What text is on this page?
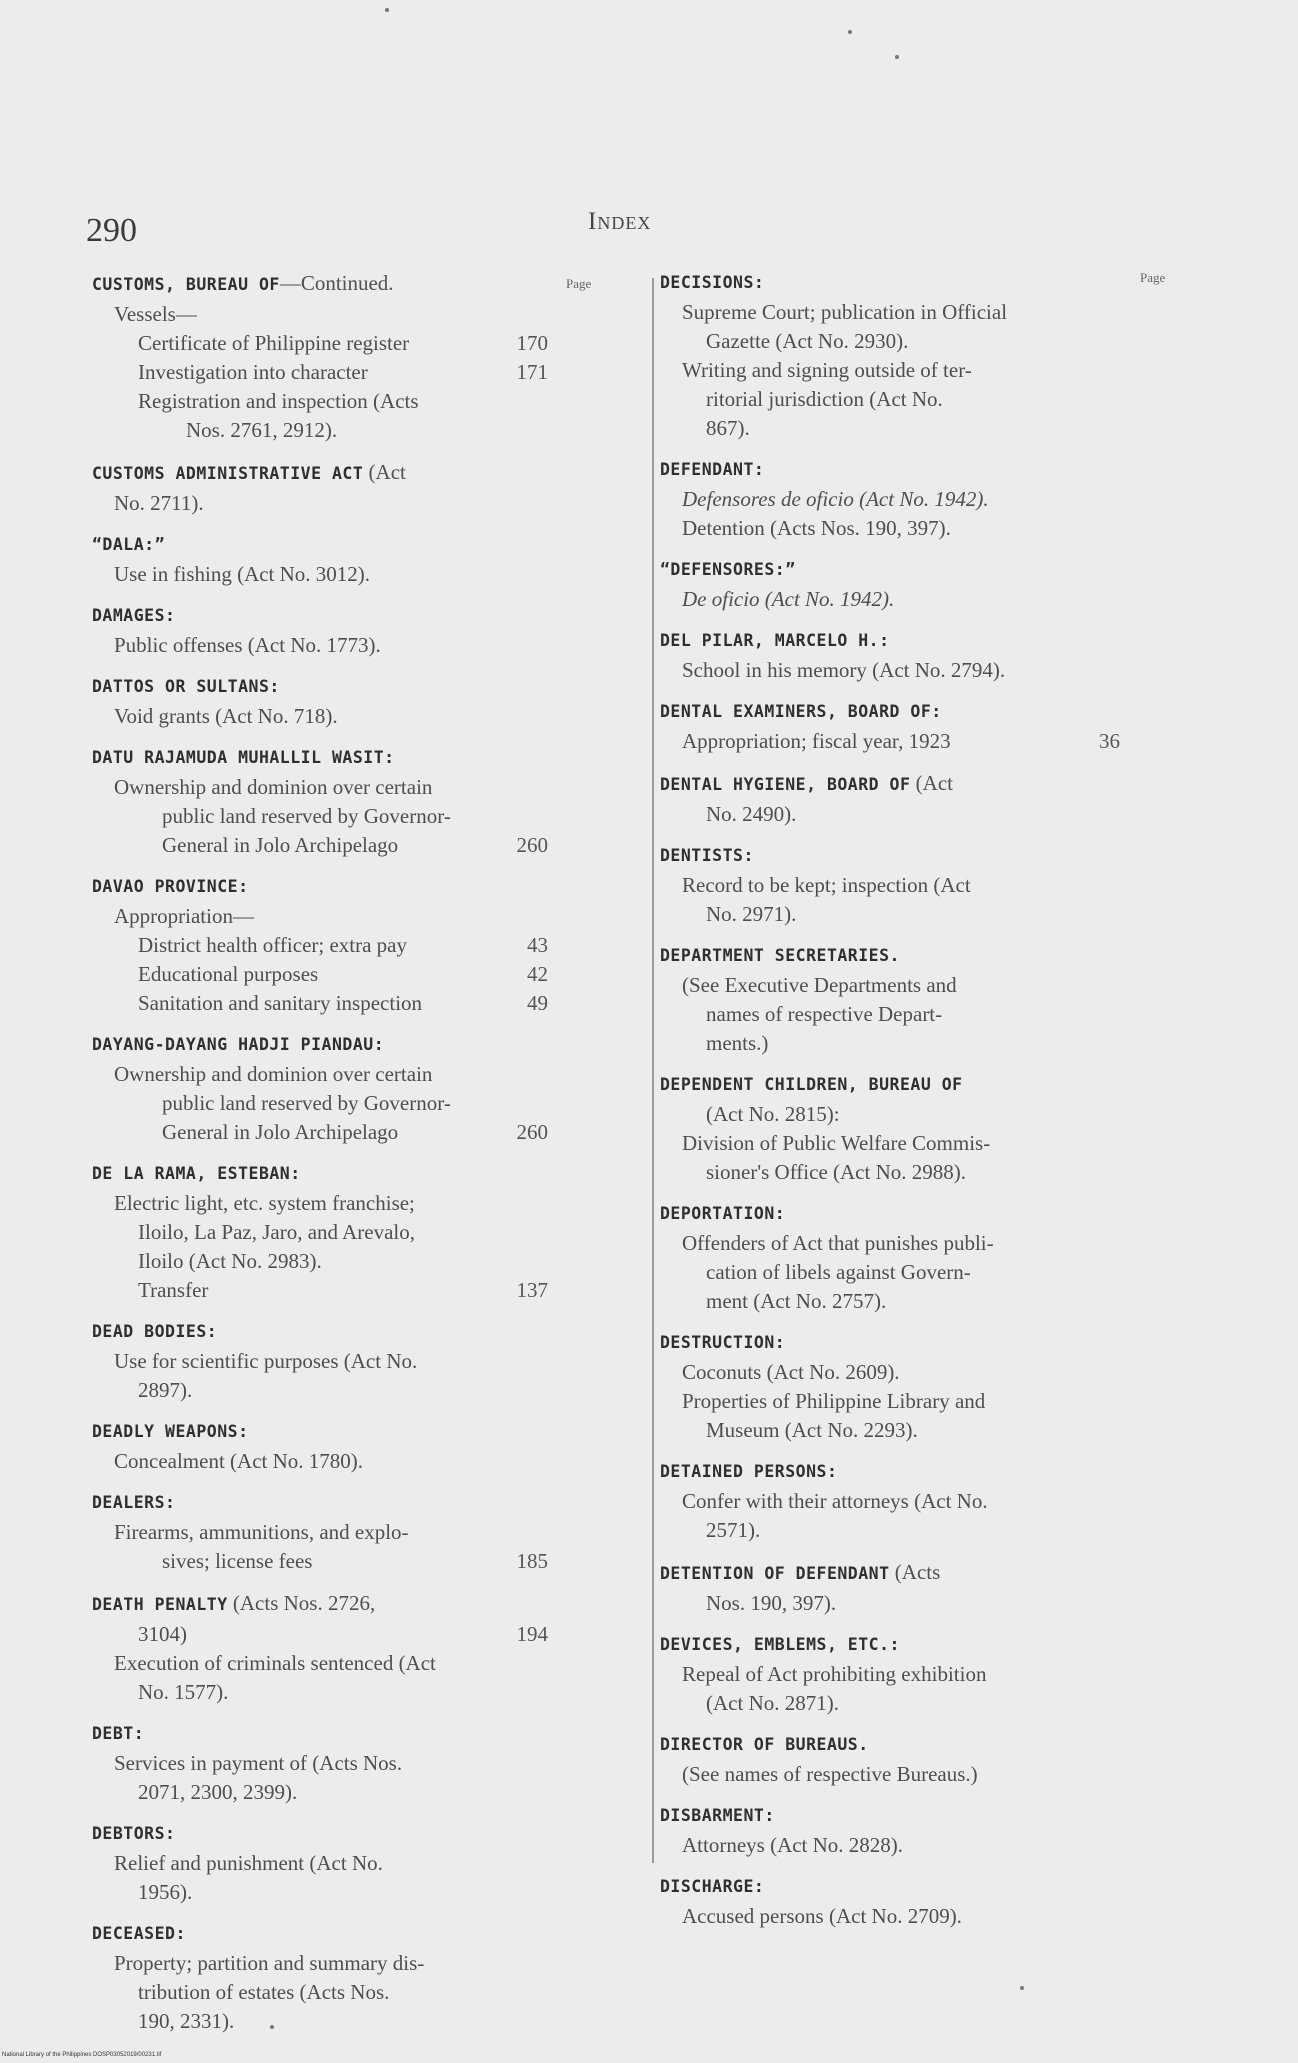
290	Index
Page	Page
CUSTOMS, BUREAU OF—Continued.
Vessels—
Certificate of Philippine register	170
Investigation into character	171
Registration and inspection (Acts
Nos. 2761, 2912).
CUSTOMS ADMINISTRATIVE ACT (Act
No. 2711).
“DALA:”
Use in fishing (Act No. 3012).
DAMAGES:
Public offenses (Act No. 1773).
DATTOS OR SULTANS:
Void grants (Act No. 718).
DATU RAJAMUDA MUHALLIL WASIT:
Ownership and dominion over certain
public land reserved by Governor-
General in Jolo Archipelago	260
DAVAO PROVINCE:
Appropriation—
District health officer; extra pay	43
Educational purposes	42
Sanitation and sanitary inspection	49
DAYANG-DAYANG HADJI PIANDAU:
Ownership and dominion over certain
public land reserved by Governor-
General in Jolo Archipelago	260
DE LA RAMA, ESTEBAN:
Electric light, etc. system franchise;
Iloilo, La Paz, Jaro, and Arevalo,
Iloilo (Act No. 2983).
Transfer	137
DEAD BODIES:
Use for scientific purposes (Act No.
2897).
DEADLY WEAPONS:
Concealment (Act No. 1780).
DEALERS:
Firearms, ammunitions, and explo-
sives; license fees	185
DEATH PENALTY (Acts Nos. 2726,
3104)	194
Execution of criminals sentenced (Act
No. 1577).
DEBT:
Services in payment of (Acts Nos.
2071, 2300, 2399).
DEBTORS:
Relief and punishment (Act No.
1956).
DECEASED:
Property; partition and summary dis-
tribution of estates (Acts Nos.
190, 2331).
DECISIONS:
Supreme Court; publication in Official
Gazette (Act No. 2930).
Writing and signing outside of ter-
ritorial jurisdiction (Act No.
867).
DEFENDANT:
Defensores de oficio (Act No. 1942).
Detention (Acts Nos. 190, 397).
“DEFENSORES:”
De oficio (Act No. 1942).
DEL PILAR, MARCELO H.:
School in his memory (Act No. 2794).
DENTAL EXAMINERS, BOARD OF:
Appropriation; fiscal year, 1923	36
DENTAL HYGIENE, BOARD OF (Act
No. 2490).
DENTISTS:
Record to be kept; inspection (Act
No. 2971).
DEPARTMENT SECRETARIES.
(See Executive Departments and
names of respective Depart-
ments.)
DEPENDENT CHILDREN, BUREAU OF
(Act No. 2815):
Division of Public Welfare Commis-
sioner's Office (Act No. 2988).
DEPORTATION:
Offenders of Act that punishes publi-
cation of libels against Govern-
ment (Act No. 2757).
DESTRUCTION:
Coconuts (Act No. 2609).
Properties of Philippine Library and
Museum (Act No. 2293).
DETAINED PERSONS:
Confer with their attorneys (Act No.
2571).
DETENTION OF DEFENDANT (Acts
Nos. 190, 397).
DEVICES, EMBLEMS, ETC.:
Repeal of Act prohibiting exhibition
(Act No. 2871).
DIRECTOR OF BUREAUS.
(See names of respective Bureaus.)
DISBARMENT:
Attorneys (Act No. 2828).
DISCHARGE:
Accused persons (Act No. 2709).
National Library of the Philippines DOSP03052019/00231.tif
